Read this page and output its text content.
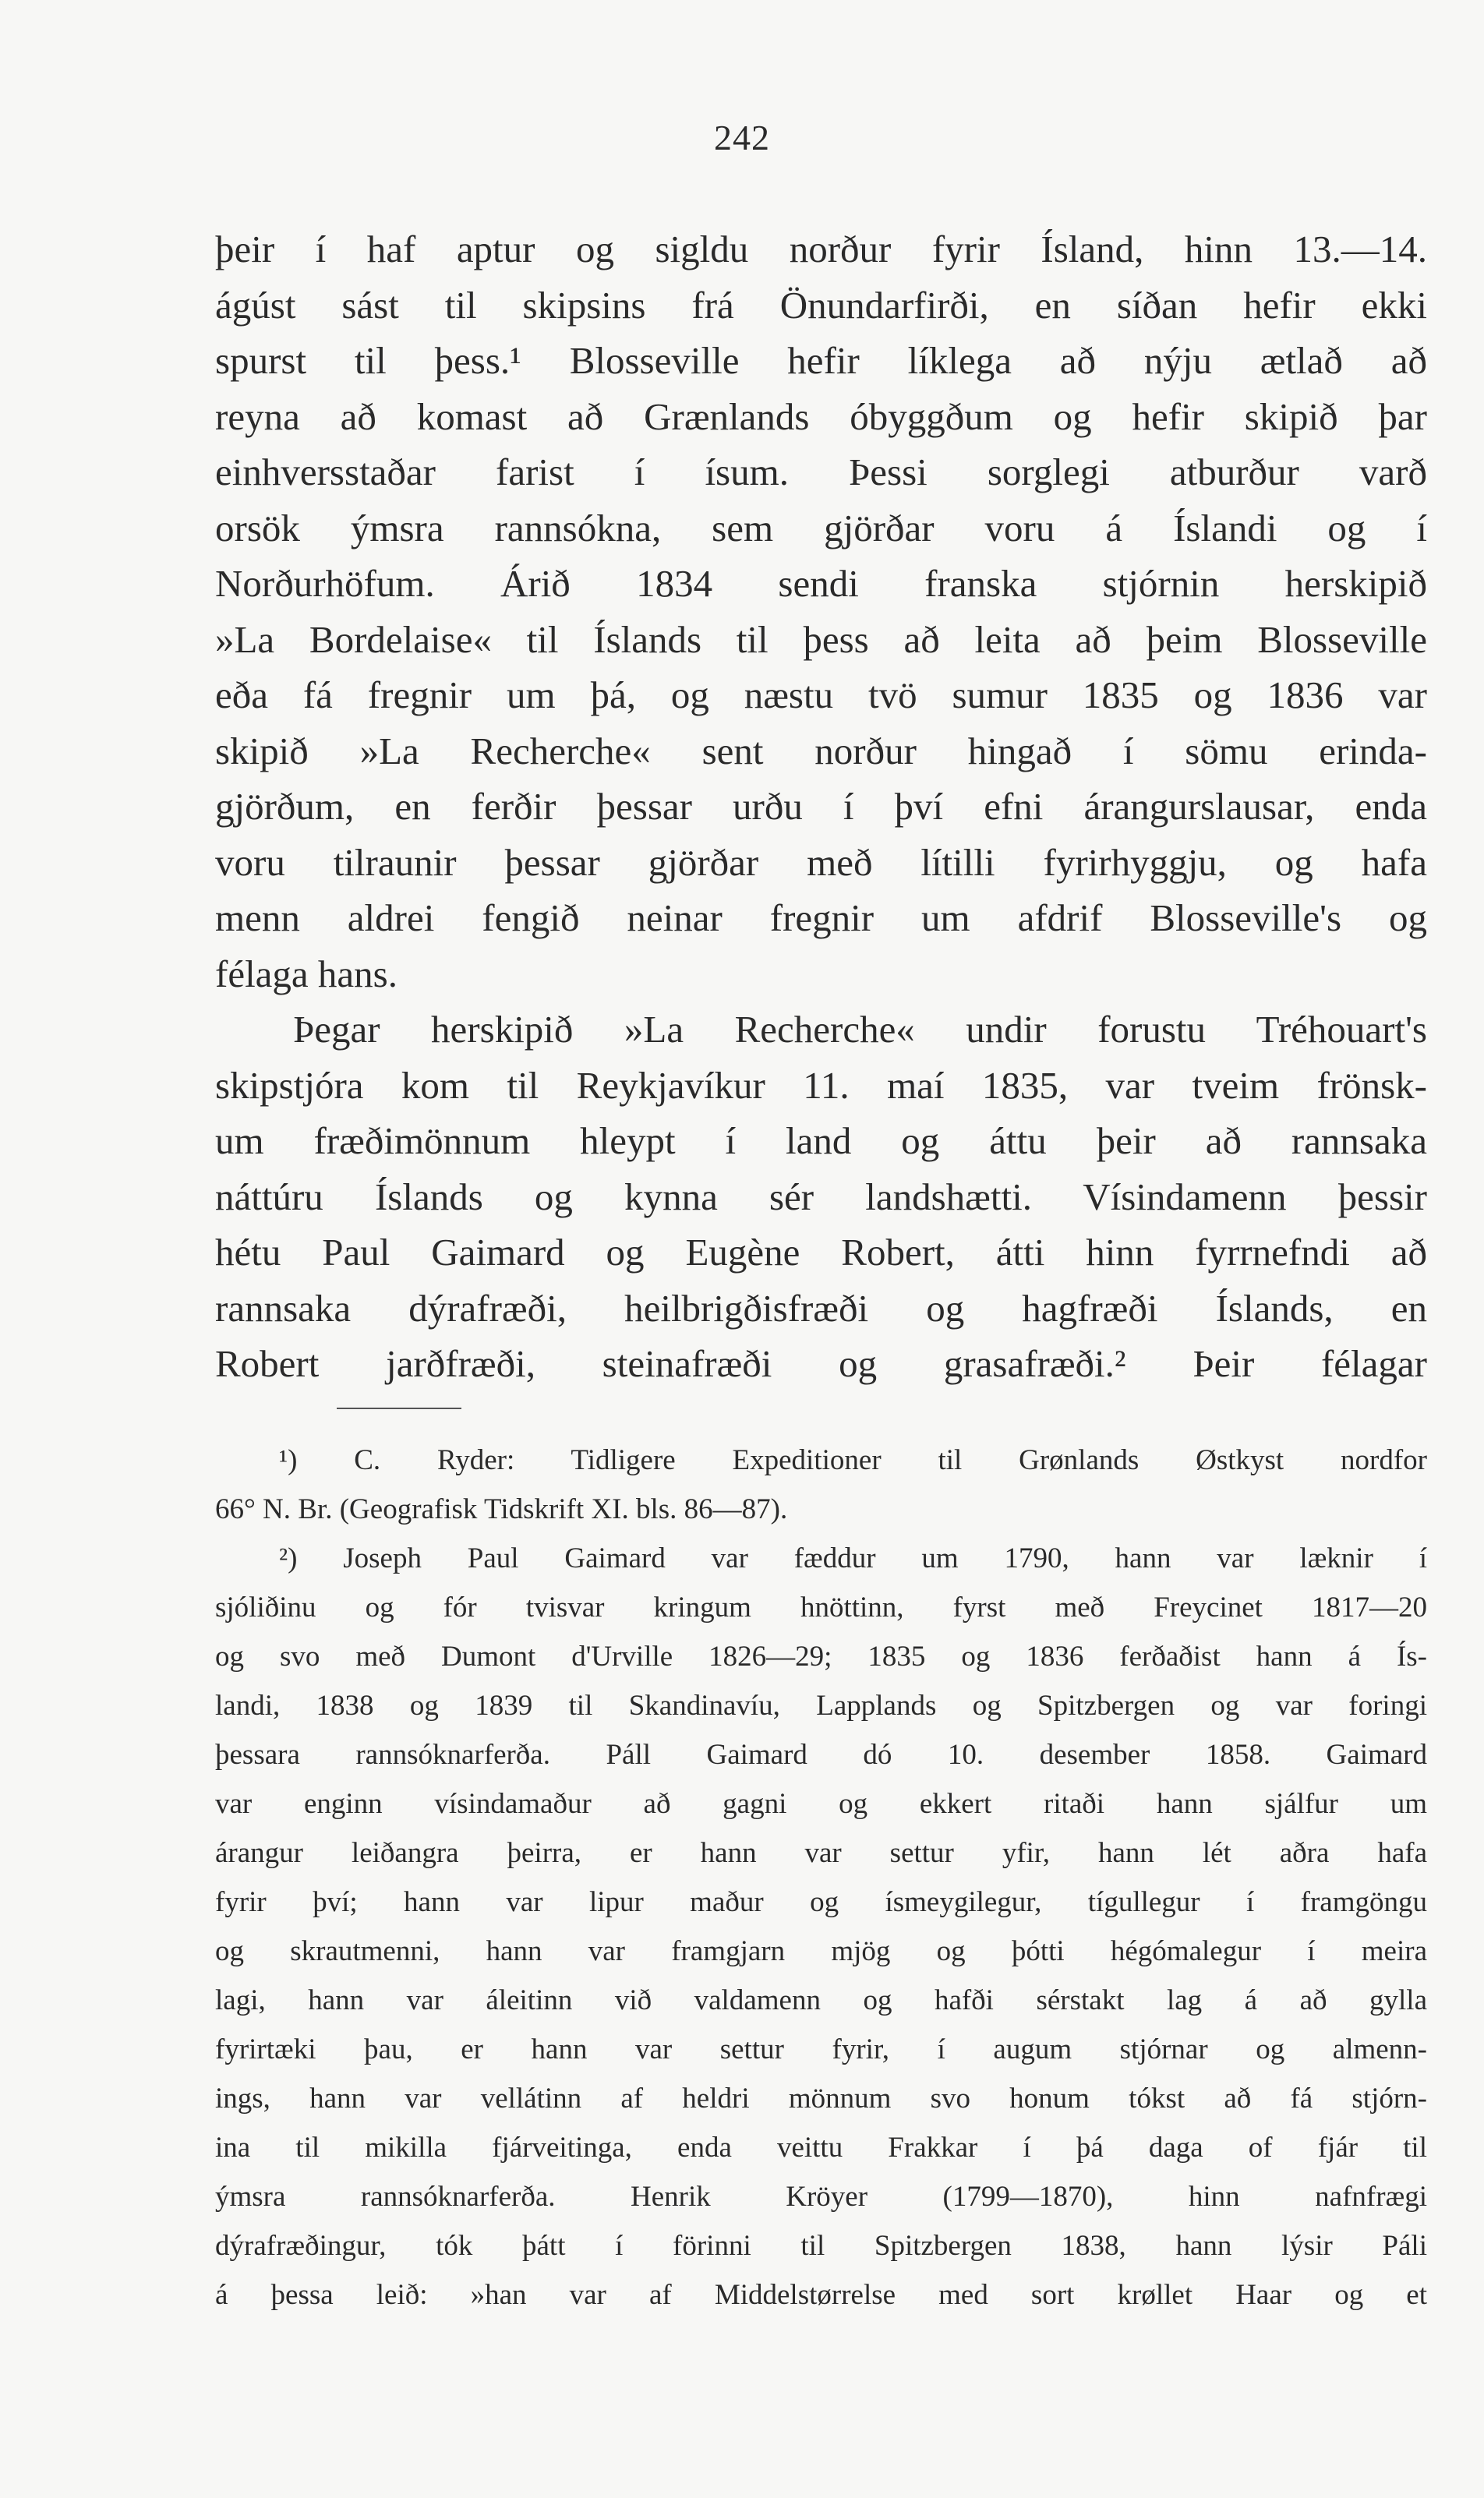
242
þeir í haf aptur og sigldu norður fyrir Ísland, hinn 13.—14.
ágúst sást til skipsins frá Önundarfirði, en síðan hefir ekki
spurst til þess.¹ Blosseville hefir líklega að nýju ætlað að
reyna að komast að Grænlands óbyggðum og hefir skipið þar
einhversstaðar farist í ísum. Þessi sorglegi atburður varð
orsök ýmsra rannsókna, sem gjörðar voru á Íslandi og í
Norðurhöfum. Árið 1834 sendi franska stjórnin herskipið
»La Bordelaise« til Íslands til þess að leita að þeim Blosseville
eða fá fregnir um þá, og næstu tvö sumur 1835 og 1836 var
skipið »La Recherche« sent norður hingað í sömu erinda-
gjörðum, en ferðir þessar urðu í því efni árangurslausar, enda
voru tilraunir þessar gjörðar með lítilli fyrirhyggju, og hafa
menn aldrei fengið neinar fregnir um afdrif Blosseville's og
félaga hans.
Þegar herskipið »La Recherche« undir forustu Tréhouart's
skipstjóra kom til Reykjavíkur 11. maí 1835, var tveim frönsk-
um fræðimönnum hleypt í land og áttu þeir að rannsaka
náttúru Íslands og kynna sér landshætti. Vísindamenn þessir
hétu Paul Gaimard og Eugène Robert, átti hinn fyrrnefndi að
rannsaka dýrafræði, heilbrigðisfræði og hagfræði Íslands, en
Robert jarðfræði, steinafræði og grasafræði.² Þeir félagar
¹) C. Ryder: Tidligere Expeditioner til Grønlands Østkyst nordfor
66° N. Br. (Geografisk Tidskrift XI. bls. 86—87).
²) Joseph Paul Gaimard var fæddur um 1790, hann var læknir í
sjóliðinu og fór tvisvar kringum hnöttinn, fyrst með Freycinet 1817—20
og svo með Dumont d'Urville 1826—29; 1835 og 1836 ferðaðist hann á Ís-
landi, 1838 og 1839 til Skandinavíu, Lapplands og Spitzbergen og var foringi
þessara rannsóknarferða. Páll Gaimard dó 10. desember 1858. Gaimard
var enginn vísindamaður að gagni og ekkert ritaði hann sjálfur um
árangur leiðangra þeirra, er hann var settur yfir, hann lét aðra hafa
fyrir því; hann var lipur maður og ísmeygilegur, tígullegur í framgöngu
og skrautmenni, hann var framgjarn mjög og þótti hégómalegur í meira
lagi, hann var áleitinn við valdamenn og hafði sérstakt lag á að gylla
fyrirtæki þau, er hann var settur fyrir, í augum stjórnar og almenn-
ings, hann var vellátinn af heldri mönnum svo honum tókst að fá stjórn-
ina til mikilla fjárveitinga, enda veittu Frakkar í þá daga of fjár til
ýmsra rannsóknarferða. Henrik Kröyer (1799—1870), hinn nafnfrægi
dýrafræðingur, tók þátt í förinni til Spitzbergen 1838, hann lýsir Páli
á þessa leið: »han var af Middelstørrelse med sort krøllet Haar og et
